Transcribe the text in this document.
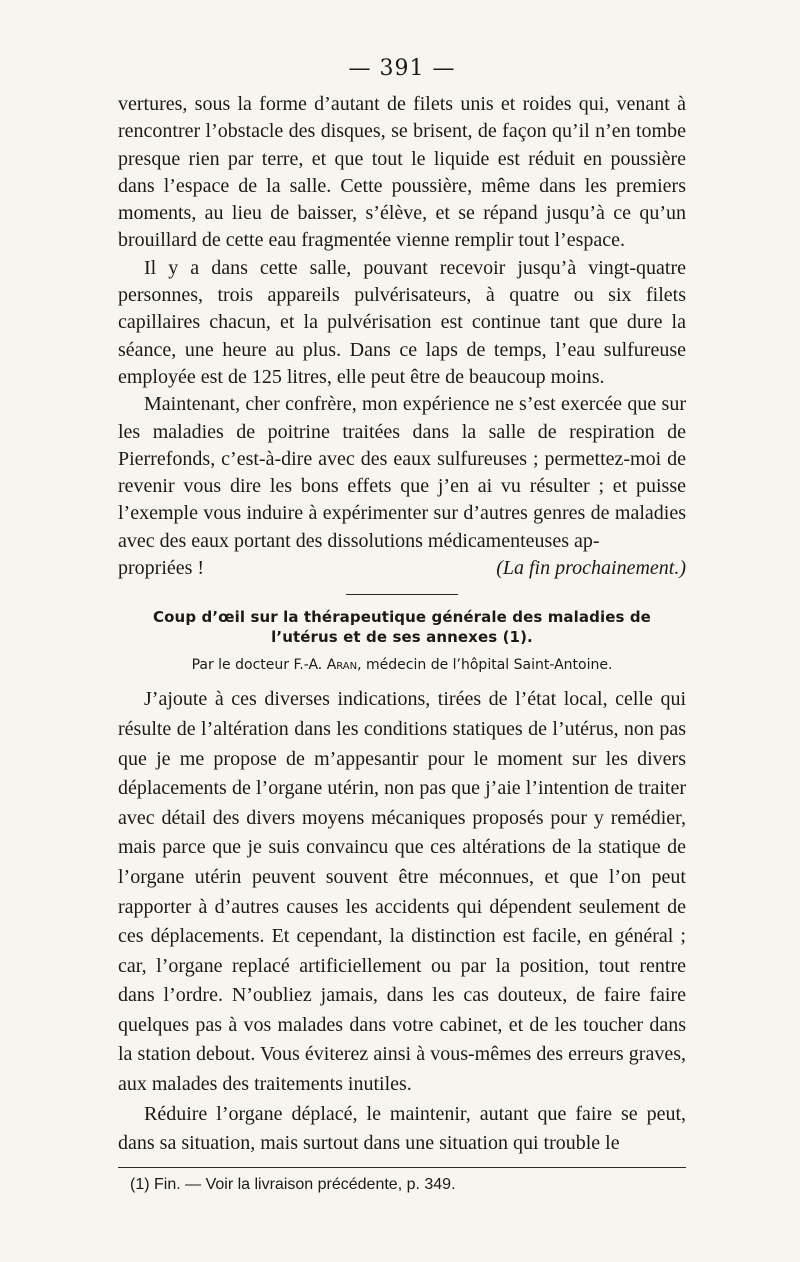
— 391 —

vertures, sous la forme d’autant de filets unis et roides qui, venant à rencontrer l’obstacle des disques, se brisent, de façon qu’il n’en tombe presque rien par terre, et que tout le liquide est réduit en poussière dans l’espace de la salle. Cette poussière, même dans les premiers moments, au lieu de baisser, s’élève, et se répand jusqu’à ce qu’un brouillard de cette eau fragmentée vienne remplir tout l’espace.

Il y a dans cette salle, pouvant recevoir jusqu’à vingt-quatre personnes, trois appareils pulvérisateurs, à quatre ou six filets capillaires chacun, et la pulvérisation est continue tant que dure la séance, une heure au plus. Dans ce laps de temps, l’eau sulfureuse employée est de 125 litres, elle peut être de beaucoup moins.

Maintenant, cher confrère, mon expérience ne s’est exercée que sur les maladies de poitrine traitées dans la salle de respiration de Pierrefonds, c’est-à-dire avec des eaux sulfureuses ; permettez-moi de revenir vous dire les bons effets que j’en ai vu résulter ; et puisse l’exemple vous induire à expérimenter sur d’autres genres de maladies avec des eaux portant des dissolutions médicamenteuses ap-

propriées !	(La fin prochainement.)

Coup d’œil sur la thérapeutique générale des maladies de l’utérus et de ses annexes (1).

Par le docteur F.-A. Aran, médecin de l’hôpital Saint-Antoine.

J’ajoute à ces diverses indications, tirées de l’état local, celle qui résulte de l’altération dans les conditions statiques de l’utérus, non pas que je me propose de m’appesantir pour le moment sur les divers déplacements de l’organe utérin, non pas que j’aie l’intention de traiter avec détail des divers moyens mécaniques proposés pour y remédier, mais parce que je suis convaincu que ces altérations de la statique de l’organe utérin peuvent souvent être méconnues, et que l’on peut rapporter à d’autres causes les accidents qui dépendent seulement de ces déplacements. Et cependant, la distinction est facile, en général ; car, l’organe replacé artificiellement ou par la position, tout rentre dans l’ordre. N’oubliez jamais, dans les cas douteux, de faire faire quelques pas à vos malades dans votre cabinet, et de les toucher dans la station debout. Vous éviterez ainsi à vous-mêmes des erreurs graves, aux malades des traitements inutiles.

Réduire l’organe déplacé, le maintenir, autant que faire se peut, dans sa situation, mais surtout dans une situation qui trouble le

(1) Fin. — Voir la livraison précédente, p. 349.
